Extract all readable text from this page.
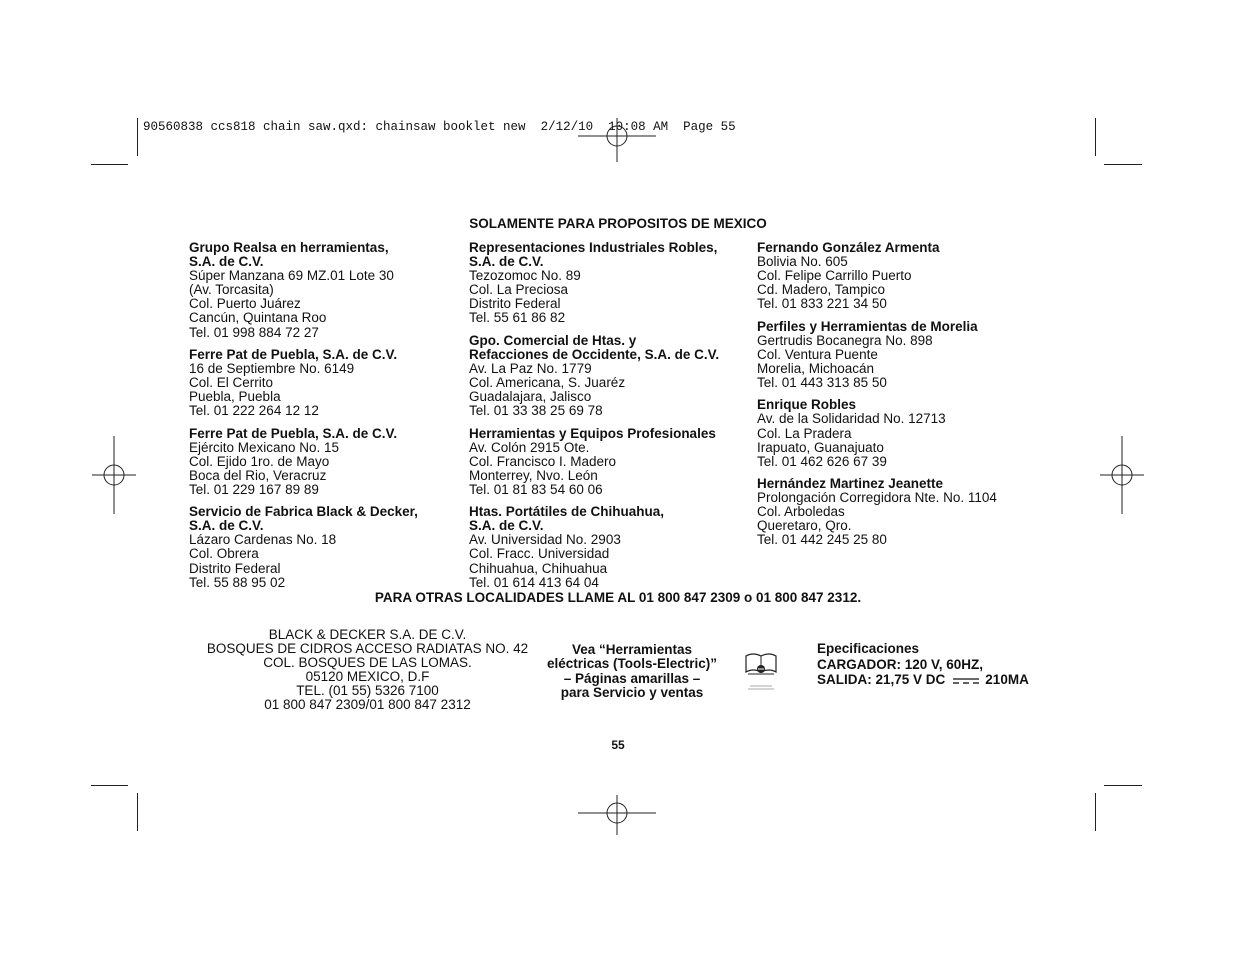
90560838 ccs818 chain saw.qxd: chainsaw booklet new  2/12/10  10:08 AM  Page 55
SOLAMENTE PARA PROPOSITOS DE MEXICO
Grupo Realsa en herramientas,
S.A. de C.V.
Súper Manzana 69 MZ.01 Lote 30
(Av. Torcasita)
Col. Puerto Juárez
Cancún, Quintana Roo
Tel. 01 998 884 72 27
Ferre Pat de Puebla, S.A. de C.V.
16 de Septiembre No. 6149
Col. El Cerrito
Puebla, Puebla
Tel. 01 222 264 12 12
Ferre Pat de Puebla, S.A. de C.V.
Ejército Mexicano No. 15
Col. Ejido 1ro. de Mayo
Boca del Rio, Veracruz
Tel. 01 229 167 89 89
Servicio de Fabrica Black & Decker,
S.A. de C.V.
Lázaro Cardenas No. 18
Col. Obrera
Distrito Federal
Tel. 55 88 95 02
Representaciones Industriales Robles,
S.A. de C.V.
Tezozomoc No. 89
Col. La Preciosa
Distrito Federal
Tel. 55 61 86 82
Gpo. Comercial de Htas. y
Refacciones de Occidente, S.A. de C.V.
Av. La Paz No. 1779
Col. Americana, S. Juaréz
Guadalajara, Jalisco
Tel. 01 33 38 25 69 78
Herramientas y Equipos Profesionales
Av. Colón 2915 Ote.
Col. Francisco I. Madero
Monterrey, Nvo. León
Tel. 01 81 83 54 60 06
Htas. Portátiles de Chihuahua,
S.A. de C.V.
Av. Universidad No. 2903
Col. Fracc. Universidad
Chihuahua, Chihuahua
Tel. 01 614 413 64 04
Fernando González Armenta
Bolivia No. 605
Col. Felipe Carrillo Puerto
Cd. Madero, Tampico
Tel. 01 833 221 34 50
Perfiles y Herramientas de Morelia
Gertrudis Bocanegra No. 898
Col. Ventura Puente
Morelia, Michoacán
Tel. 01 443 313 85 50
Enrique Robles
Av. de la Solidaridad No. 12713
Col. La Pradera
Irapuato, Guanajuato
Tel. 01 462 626 67 39
Hernández Martinez Jeanette
Prolongación Corregidora Nte. No. 1104
Col. Arboledas
Queretaro, Qro.
Tel. 01 442 245 25 80
PARA OTRAS LOCALIDADES LLAME AL 01 800 847 2309 o 01 800 847 2312.
BLACK & DECKER S.A. DE C.V.
BOSQUES DE CIDROS ACCESO RADIATAS NO. 42
COL. BOSQUES DE LAS LOMAS.
05120 MEXICO, D.F
TEL. (01 55) 5326 7100
01 800 847 2309/01 800 847 2312
Vea “Herramientas
eléctricas (Tools-Electric)”
– Páginas amarillas –
para Servicio y ventas
Epecificaciones
CARGADOR: 120 V, 60HZ,
SALIDA: 21,75 V DC	210MA
55
